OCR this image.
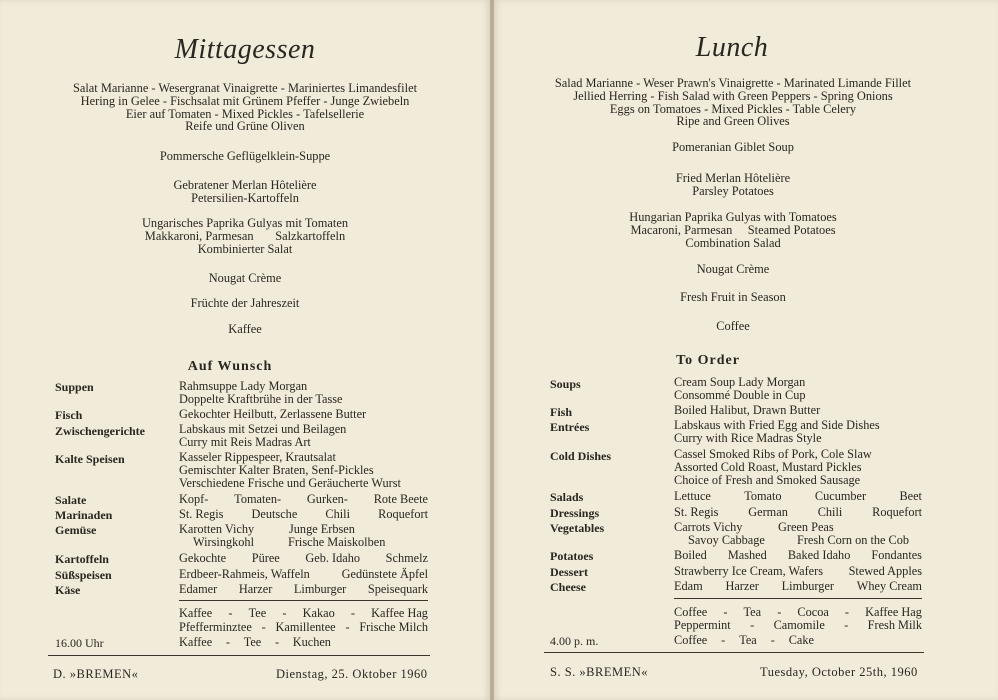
Mittagessen
Salat Marianne - Wesergranat Vinaigrette - Mariniertes Limandesfilet
Hering in Gelee - Fischsalat mit Grünem Pfeffer - Junge Zwiebeln
Eier auf Tomaten - Mixed Pickles - Tafelsellerie
Reife und Grüne Oliven
Pommersche Geflügelklein-Suppe
Gebratener Merlan Hôtelière
Petersilien-Kartoffeln
Ungarisches Paprika Gulyas mit Tomaten
Makkaroni, Parmesan Salzkartoffeln
Kombinierter Salat
Nougat Crème
Früchte der Jahreszeit
Kaffee
Auf Wunsch
Suppen	Rahmsuppe Lady Morgan
Doppelte Kraftbrühe in der Tasse
Fisch	Gekochter Heilbutt, Zerlassene Butter
Zwischengerichte	Labskaus mit Setzei und Beilagen
Curry mit Reis Madras Art
Kalte Speisen	Kasseler Rippespeer, Krautsalat
Gemischter Kalter Braten, Senf-Pickles
Verschiedene Frische und Geräucherte Wurst
Salate	Kopf- Tomaten- Gurken- Rote Beete
Marinaden	St. Regis Deutsche Chili Roquefort
Gemüse	Karotten Vichy	Junge Erbsen
Wirsingkohl	Frische Maiskolben
Kartoffeln	Gekochte Püree Geb. Idaho Schmelz
Süßspeisen	Erdbeer-Rahmeis, Waffeln	Gedünstete Äpfel
Käse	Edamer Harzer Limburger Speisequark
Kaffee - Tee - Kakao - Kaffee Hag
Pfefferminztee - Kamillentee - Frische Milch
16.00 Uhr	Kaffee - Tee - Kuchen
D. »BREMEN«	Dienstag, 25. Oktober 1960
Lunch
Salad Marianne - Weser Prawn's Vinaigrette - Marinated Limande Fillet
Jellied Herring - Fish Salad with Green Peppers - Spring Onions
Eggs on Tomatoes - Mixed Pickles - Table Celery
Ripe and Green Olives
Pomeranian Giblet Soup
Fried Merlan Hôtelière
Parsley Potatoes
Hungarian Paprika Gulyas with Tomatoes
Macaroni, Parmesan Steamed Potatoes
Combination Salad
Nougat Crème
Fresh Fruit in Season
Coffee
To Order
Soups	Cream Soup Lady Morgan
Consommé Double in Cup
Fish	Boiled Halibut, Drawn Butter
Entrées	Labskaus with Fried Egg and Side Dishes
Curry with Rice Madras Style
Cold Dishes	Cassel Smoked Ribs of Pork, Cole Slaw
Assorted Cold Roast, Mustard Pickles
Choice of Fresh and Smoked Sausage
Salads	Lettuce	Tomato	Cucumber	Beet
Dressings	St. Regis German Chili Roquefort
Vegetables	Carrots Vichy	Green Peas
Savoy Cabbage	Fresh Corn on the Cob
Potatoes	Boiled Mashed Baked Idaho Fondantes
Dessert	Strawberry Ice Cream, Wafers Stewed Apples
Cheese	Edam Harzer Limburger Whey Cream
Coffee - Tea - Cocoa - Kaffee Hag
Peppermint - Camomile - Fresh Milk
4.00 p. m.	Coffee - Tea - Cake
S. S. »BREMEN«	Tuesday, October 25th, 1960
